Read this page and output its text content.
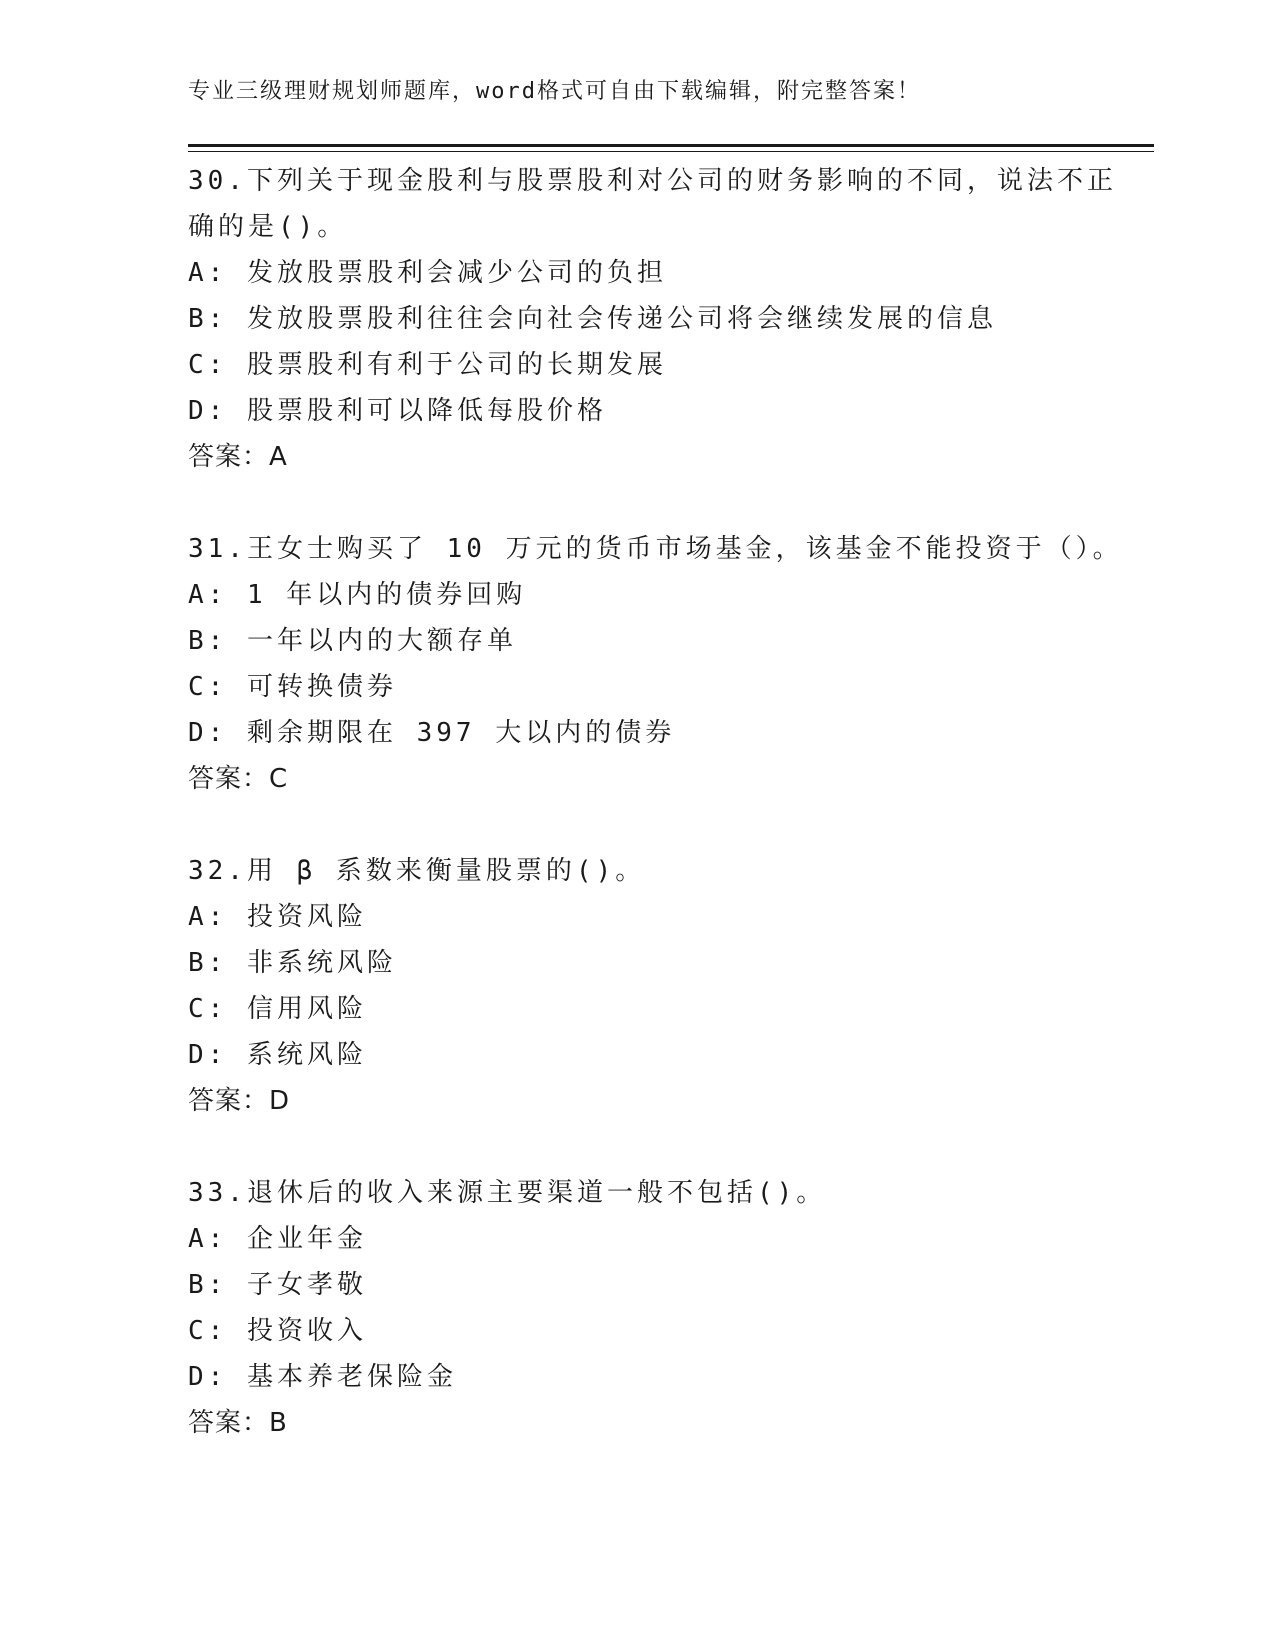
专业三级理财规划师题库，word格式可自由下载编辑，附完整答案！
30.下列关于现金股利与股票股利对公司的财务影响的不同，说法不正
确的是()。
A: 发放股票股利会减少公司的负担
B: 发放股票股利往往会向社会传递公司将会继续发展的信息
C: 股票股利有利于公司的长期发展
D: 股票股利可以降低每股价格
答案：A
31.王女士购买了 10 万元的货币市场基金，该基金不能投资于（）。
A: 1 年以内的债券回购
B: 一年以内的大额存单
C: 可转换债券
D: 剩余期限在 397 大以内的债券
答案：C
32.用 β 系数来衡量股票的()。
A: 投资风险
B: 非系统风险
C: 信用风险
D: 系统风险
答案：D
33.退休后的收入来源主要渠道一般不包括()。
A: 企业年金
B: 子女孝敬
C: 投资收入
D: 基本养老保险金
答案：B
